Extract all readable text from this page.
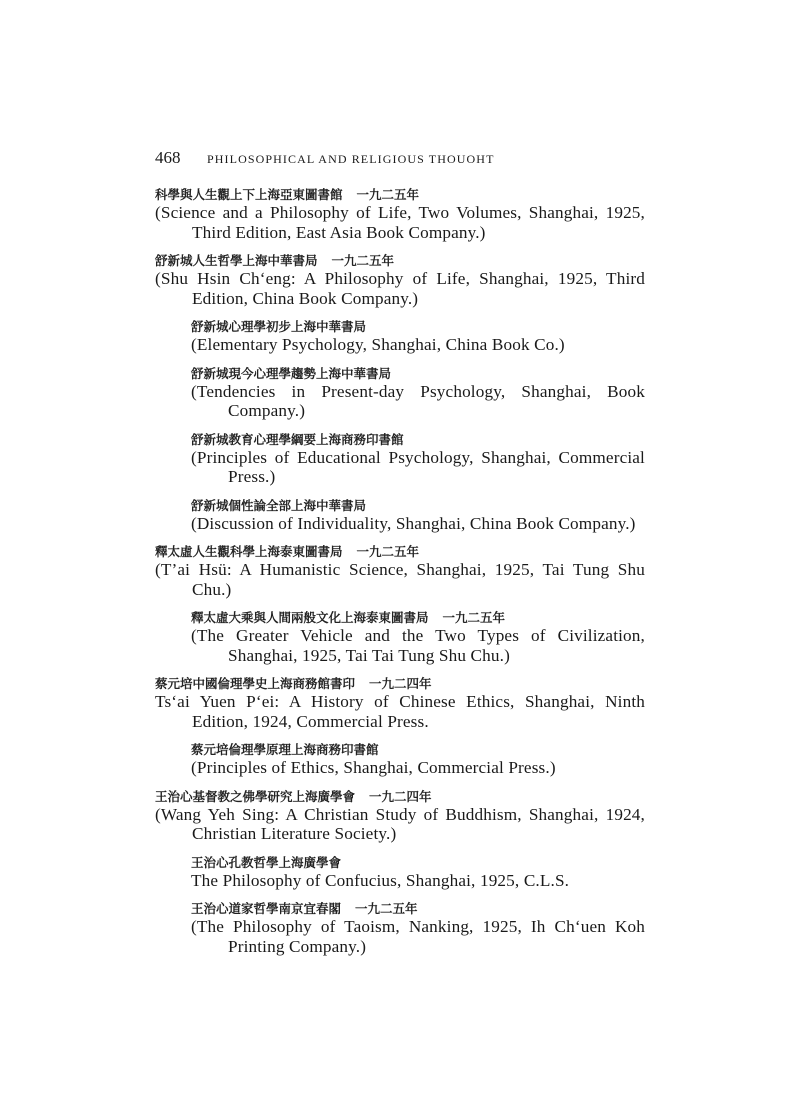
468	PHILOSOPHICAL AND RELIGIOUS THOUOHT
科學與人生觀上下上海亞東圖書館 一九二五年
(Science and a Philosophy of Life, Two Volumes, Shanghai, 1925, Third Edition, East Asia Book Company.)
舒新城人生哲學上海中華書局 一九二五年
(Shu Hsin Ch‘eng: A Philosophy of Life, Shanghai, 1925, Third Edition, China Book Company.)
舒新城心理學初步上海中華書局
(Elementary Psychology, Shanghai, China Book Co.)
舒新城現今心理學趨勢上海中華書局
(Tendencies in Present-day Psychology, Shanghai, Book Company.)
舒新城教育心理學綱要上海商務印書館
(Principles of Educational Psychology, Shanghai, Commercial Press.)
舒新城個性論全部上海中華書局
(Discussion of Individuality, Shanghai, China Book Company.)
釋太虛人生觀科學上海泰東圖書局 一九二五年
(T’ai Hsü: A Humanistic Science, Shanghai, 1925, Tai Tung Shu Chu.)
釋太虛大乘與人間兩般文化上海泰東圖書局 一九二五年
(The Greater Vehicle and the Two Types of Civilization, Shanghai, 1925, Tai Tai Tung Shu Chu.)
蔡元培中國倫理學史上海商務館書印 一九二四年
Ts‘ai Yuen P‘ei: A History of Chinese Ethics, Shanghai, Ninth Edition, 1924, Commercial Press.
蔡元培倫理學原理上海商務印書館
(Principles of Ethics, Shanghai, Commercial Press.)
王治心基督教之佛學研究上海廣學會 一九二四年
(Wang Yeh Sing: A Christian Study of Buddhism, Shanghai, 1924, Christian Literature Society.)
王治心孔教哲學上海廣學會
The Philosophy of Confucius, Shanghai, 1925, C.L.S.
王治心道家哲學南京宜春閣 一九二五年
(The Philosophy of Taoism, Nanking, 1925, Ih Ch‘uen Koh Printing Company.)
